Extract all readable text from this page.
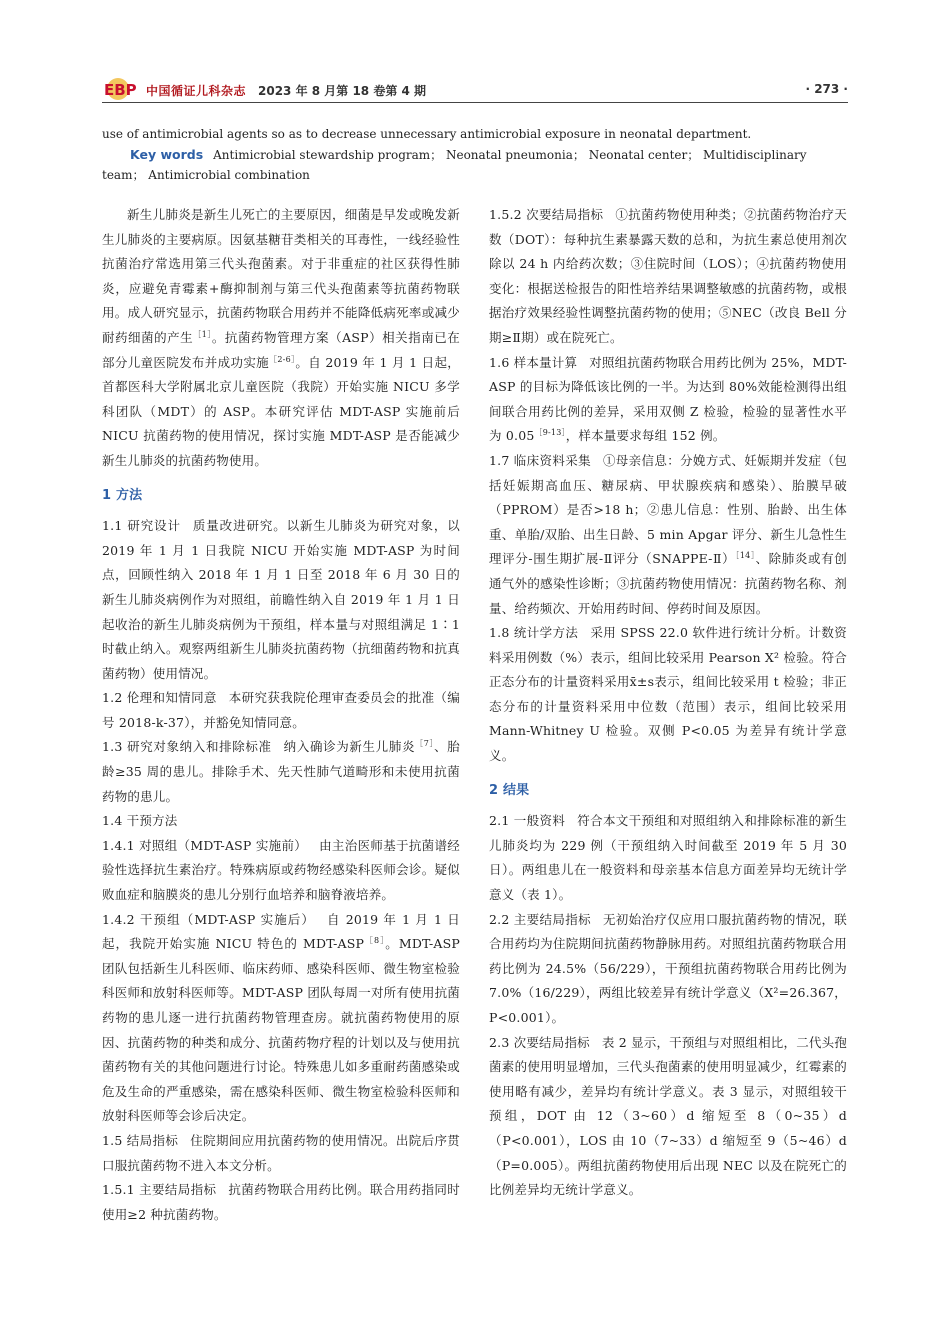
EBP 中国循证儿科杂志 2023 年 8 月第 18 卷第 4 期	· 273 ·
use of antimicrobial agents so as to decrease unnecessary antimicrobial exposure in neonatal department.
Key words Antimicrobial stewardship program； Neonatal pneumonia； Neonatal center； Multidisciplinary team； Antimicrobial combination

新生儿肺炎是新生儿死亡的主要原因，细菌是早发或晚发新生儿肺炎的主要病原。因氨基糖苷类相关的耳毒性，一线经验性抗菌治疗常选用第三代头孢菌素。对于非重症的社区获得性肺炎，应避免青霉素+酶抑制剂与第三代头孢菌素等抗菌药物联用。成人研究显示，抗菌药物联合用药并不能降低病死率或减少耐药细菌的产生$^{[1]}$。抗菌药物管理方案（ASP）相关指南已在部分儿童医院发布并成功实施$^{[2-6]}$。自 2019 年 1 月 1 日起，首都医科大学附属北京儿童医院（我院）开始实施 NICU 多学科团队（MDT）的 ASP。本研究评估 MDT-ASP 实施前后 NICU 抗菌药物的使用情况，探讨实施 MDT-ASP 是否能减少新生儿肺炎的抗菌药物使用。

1 方法

1.1 研究设计 质量改进研究。以新生儿肺炎为研究对象，以 2019 年 1 月 1 日我院 NICU 开始实施 MDT-ASP 为时间点，回顾性纳入 2018 年 1 月 1 日至 2018 年 6 月 30 日的新生儿肺炎病例作为对照组，前瞻性纳入自 2019 年 1 月 1 日起收治的新生儿肺炎病例为干预组，样本量与对照组满足 1∶1 时截止纳入。观察两组新生儿肺炎抗菌药物（抗细菌药物和抗真菌药物）使用情况。

1.2 伦理和知情同意 本研究获我院伦理审查委员会的批准（编号 2018-k-37），并豁免知情同意。

1.3 研究对象纳入和排除标准 纳入确诊为新生儿肺炎$^{[7]}$、胎龄≥35 周的患儿。排除手术、先天性肺气道畸形和未使用抗菌药物的患儿。

1.4 干预方法

1.4.1 对照组（MDT-ASP 实施前） 由主治医师基于抗菌谱经验性选择抗生素治疗。特殊病原或药物经感染科医师会诊。疑似败血症和脑膜炎的患儿分别行血培养和脑脊液培养。

1.4.2 干预组（MDT-ASP 实施后） 自 2019 年 1 月 1 日起，我院开始实施 NICU 特色的 MDT-$ASP^{[8]}$。MDT-ASP 团队包括新生儿科医师、临床药师、感染科医师、微生物室检验科医师和放射科医师等。MDT-ASP 团队每周一对所有使用抗菌药物的患儿逐一进行抗菌药物管理查房。就抗菌药物使用的原因、抗菌药物的种类和成分、抗菌药物疗程的计划以及与使用抗菌药物有关的其他问题进行讨论。特殊患儿如多重耐药菌感染或危及生命的严重感染，需在感染科医师、微生物室检验科医师和放射科医师等会诊后决定。

1.5 结局指标 住院期间应用抗菌药物的使用情况。出院后序贯口服抗菌药物不进入本文分析。

1.5.1 主要结局指标 抗菌药物联合用药比例。联合用药指同时使用≥2 种抗菌药物。

1.5.2 次要结局指标 ①抗菌药物使用种类；②抗菌药物治疗天数（DOT）：每种抗生素暴露天数的总和，为抗生素总使用剂次除以 24 h 内给药次数；③住院时间（LOS）；④抗菌药物使用变化：根据送检报告的阳性培养结果调整敏感的抗菌药物，或根据治疗效果经验性调整抗菌药物的使用；⑤NEC（改良 Bell 分期≥Ⅱ期）或在院死亡。

1.6 样本量计算 对照组抗菌药物联合用药比例为 25%，MDT-ASP 的目标为降低该比例的一半。为达到 80%效能检测得出组间联合用药比例的差异，采用双侧 Z 检验，检验的显著性水平为 $0.05^{[9-13]}$，样本量要求每组 152 例。

1.7 临床资料采集 ①母亲信息：分娩方式、妊娠期并发症（包括妊娠期高血压、糖尿病、甲状腺疾病和感染）、胎膜早破（PPROM）是否>18 h；②患儿信息：性别、胎龄、出生体重、单胎/双胎、出生日龄、5 min Apgar 评分、新生儿急性生理评分-围生期扩展-Ⅱ评分（SNAPPE-Ⅱ）$^{[14]}$、除肺炎或有创通气外的感染性诊断；③抗菌药物使用情况：抗菌药物名称、剂量、给药频次、开始用药时间、停药时间及原因。

1.8 统计学方法 采用 SPSS 22.0 软件进行统计分析。计数资料采用例数（%）表示，组间比较采用 Pearson X² 检验。符合正态分布的计量资料采用x̄±s表示，组间比较采用 t 检验；非正态分布的计量资料采用中位数（范围）表示，组间比较采用 Mann-Whitney U 检验。双侧 P<0.05 为差异有统计学意义。

2 结果

2.1 一般资料 符合本文干预组和对照组纳入和排除标准的新生儿肺炎均为 229 例（干预组纳入时间截至 2019 年 5 月 30 日）。两组患儿在一般资料和母亲基本信息方面差异均无统计学意义（表 1）。

2.2 主要结局指标 无初始治疗仅应用口服抗菌药物的情况，联合用药均为住院期间抗菌药物静脉用药。对照组抗菌药物联合用药比例为 24.5%（56/229），干预组抗菌药物联合用药比例为 7.0%（16/229），两组比较差异有统计学意义（X²=26.367，P<0.001）。

2.3 次要结局指标 表 2 显示，干预组与对照组相比，二代头孢菌素的使用明显增加，三代头孢菌素的使用明显减少，红霉素的使用略有减少，差异均有统计学意义。表 3 显示，对照组较干预组，DOT 由 12（3~60）d 缩短至 8（0~35）d（P<0.001），LOS 由 10（7~33）d 缩短至 9（5~46）d（P=0.005）。两组抗菌药物使用后出现 NEC 以及在院死亡的比例差异均无统计学意义。
